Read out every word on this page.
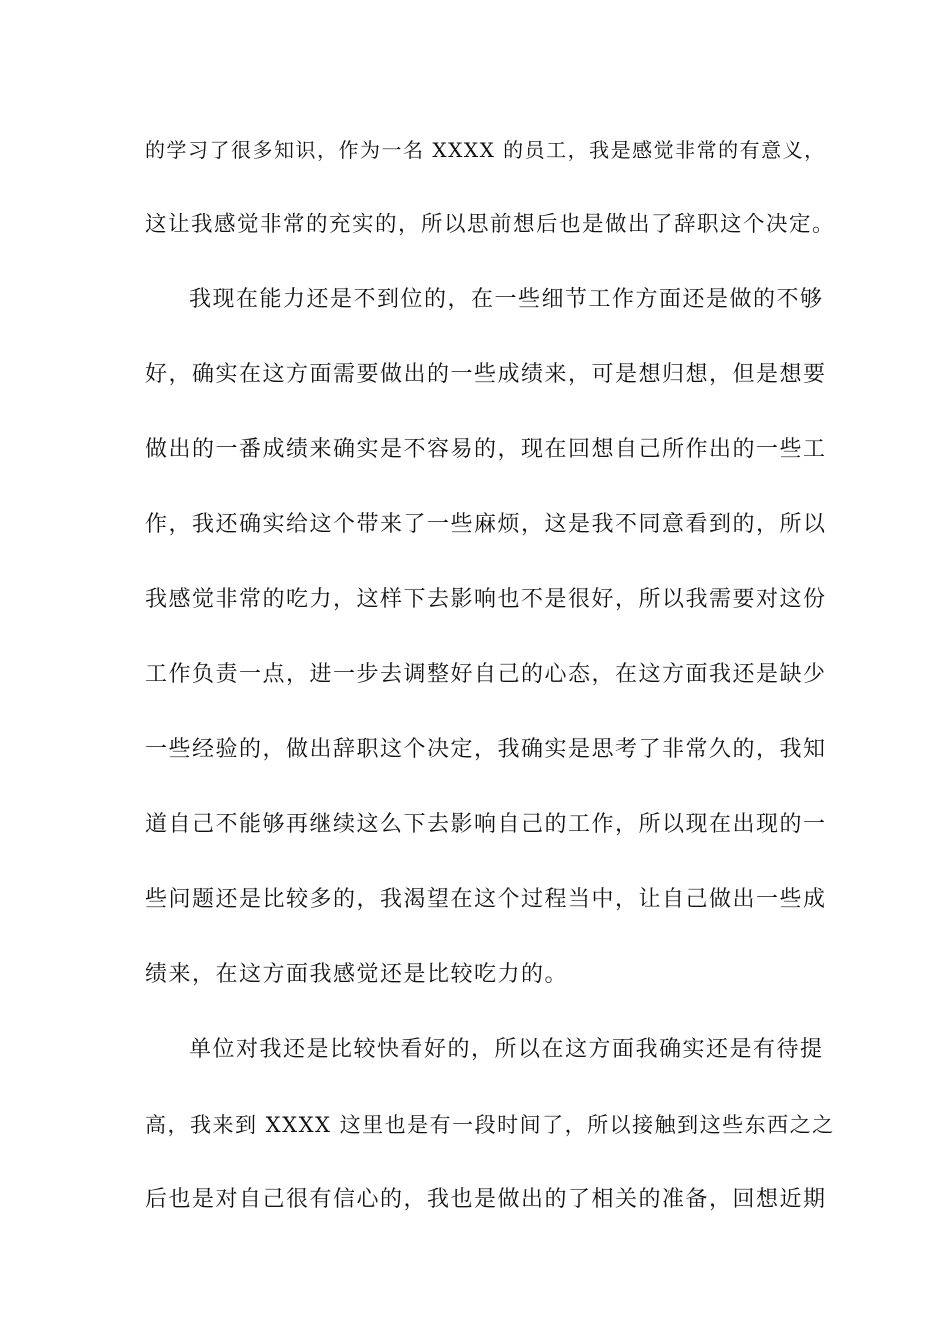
的学习了很多知识，作为一名 XXXX 的员工，我是感觉非常的有意义，
这让我感觉非常的充实的，所以思前想后也是做出了辞职这个决定。
我现在能力还是不到位的，在一些细节工作方面还是做的不够
好，确实在这方面需要做出的一些成绩来，可是想归想，但是想要
做出的一番成绩来确实是不容易的，现在回想自己所作出的一些工
作，我还确实给这个带来了一些麻烦，这是我不同意看到的，所以
我感觉非常的吃力，这样下去影响也不是很好，所以我需要对这份
工作负责一点，进一步去调整好自己的心态，在这方面我还是缺少
一些经验的，做出辞职这个决定，我确实是思考了非常久的，我知
道自己不能够再继续这么下去影响自己的工作，所以现在出现的一
些问题还是比较多的，我渴望在这个过程当中，让自己做出一些成
绩来，在这方面我感觉还是比较吃力的。
单位对我还是比较快看好的，所以在这方面我确实还是有待提
高，我来到 XXXX 这里也是有一段时间了，所以接触到这些东西之之
后也是对自己很有信心的，我也是做出的了相关的准备，回想近期
